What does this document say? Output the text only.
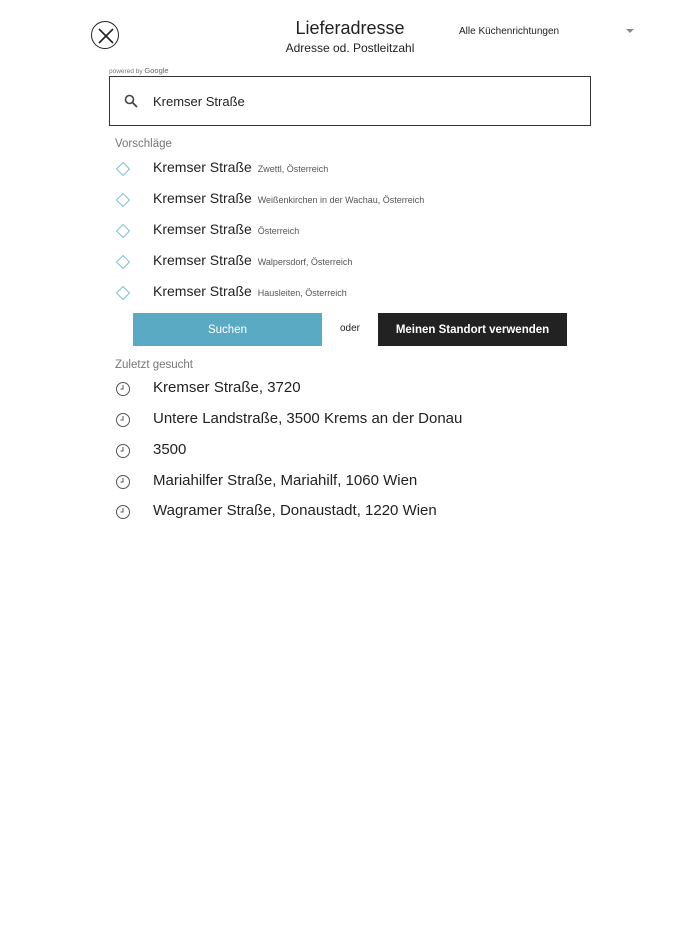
Lieferadresse
Adresse od. Postleitzahl
Alle Küchenrichtungen
powered by Google
Kremser Straße
Vorschläge
Kremser Straße Zwettl, Österreich
Kremser Straße Weißenkirchen in der Wachau, Österreich
Kremser Straße Österreich
Kremser Straße Walpersdorf, Österreich
Kremser Straße Hausleiten, Österreich
Suchen	oder	Meinen Standort verwenden
Zuletzt gesucht
Kremser Straße, 3720
Untere Landstraße, 3500 Krems an der Donau
3500
Mariahilfer Straße, Mariahilf, 1060 Wien
Wagramer Straße, Donaustadt, 1220 Wien
